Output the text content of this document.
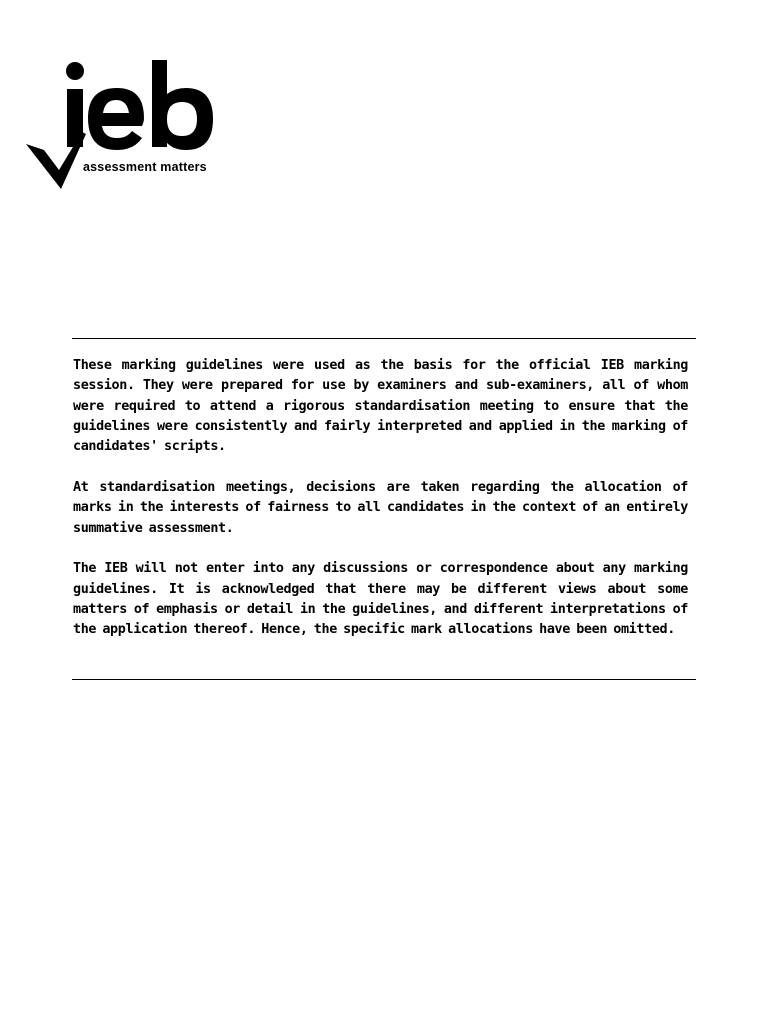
assessment matters

These marking guidelines were used as the basis for the official IEB marking session. They were prepared for use by examiners and sub-examiners, all of whom were required to attend a rigorous standardisation meeting to ensure that the guidelines were consistently and fairly interpreted and applied in the marking of candidates' scripts.

At standardisation meetings, decisions are taken regarding the allocation of marks in the interests of fairness to all candidates in the context of an entirely summative assessment.

The IEB will not enter into any discussions or correspondence about any marking guidelines. It is acknowledged that there may be different views about some matters of emphasis or detail in the guidelines, and different interpretations of the application thereof. Hence, the specific mark allocations have been omitted.
